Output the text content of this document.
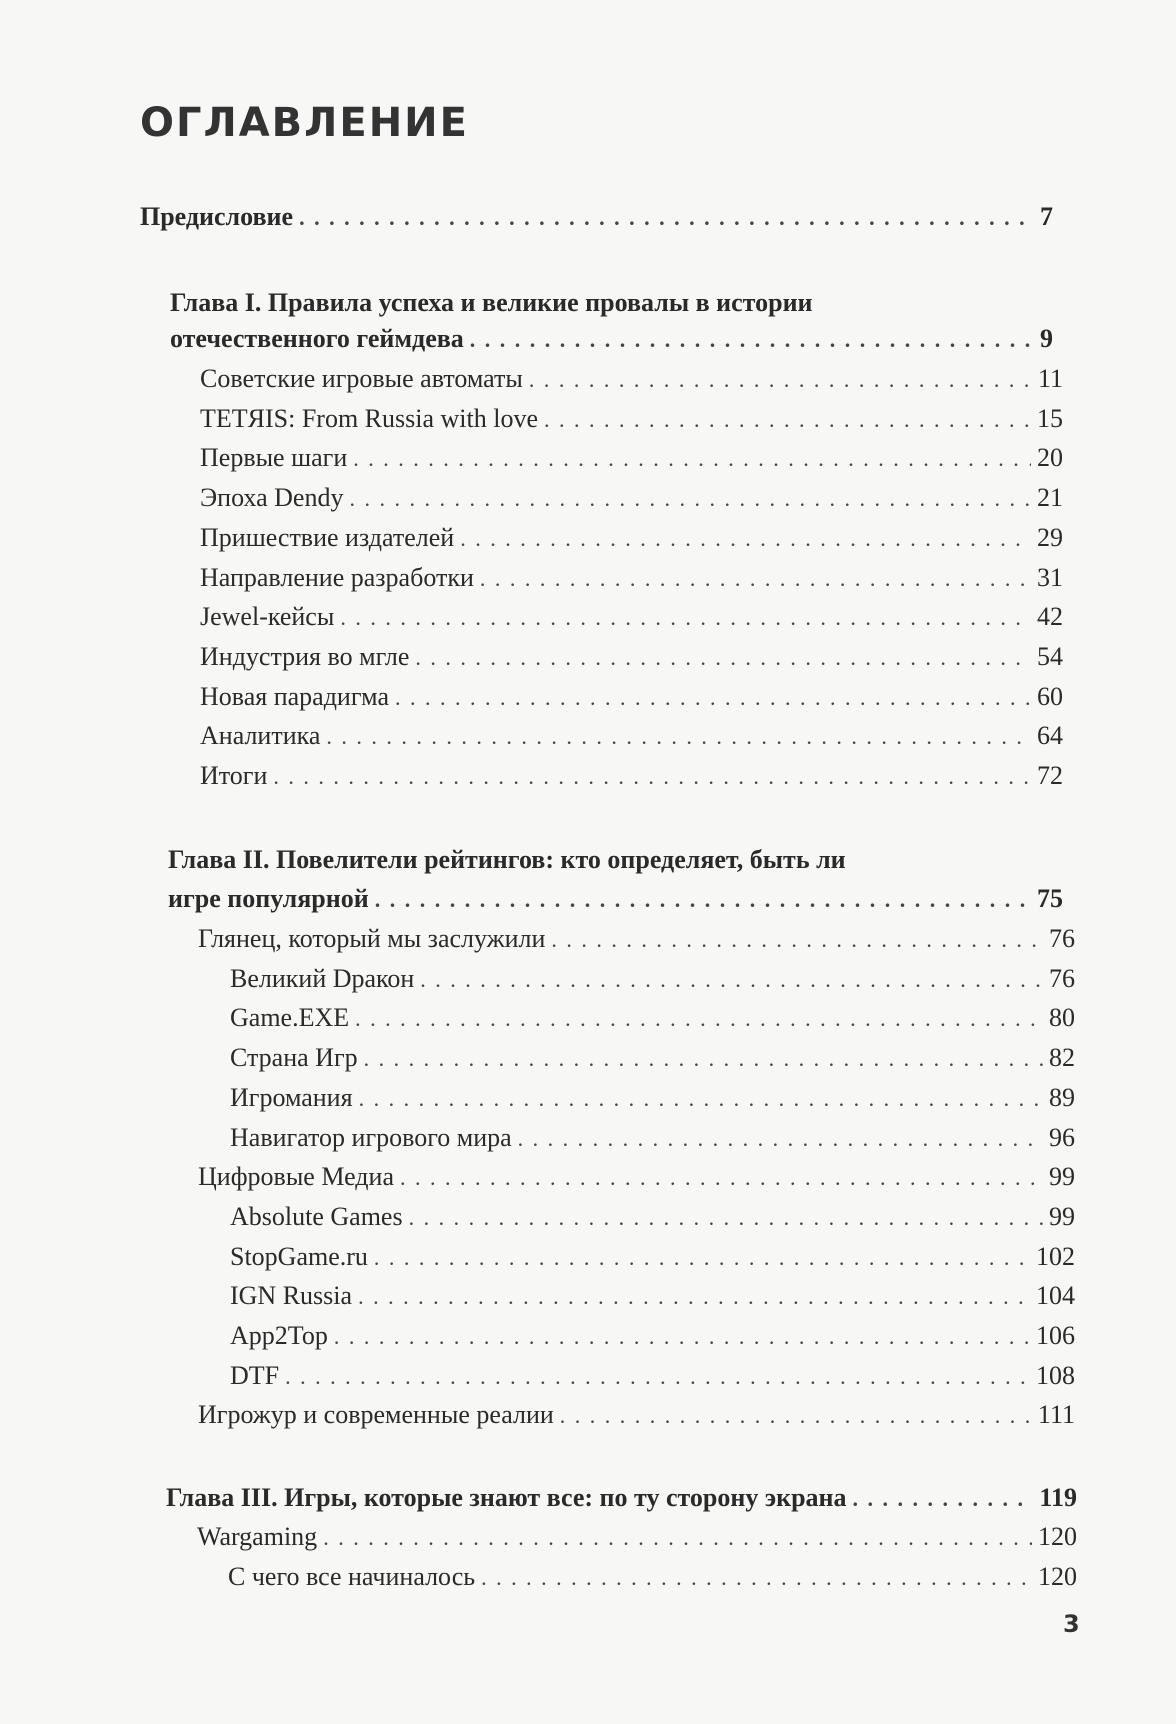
ОГЛАВЛЕНИЕ
Предисловие . . .	7
Глава I. Правила успеха и великие провалы в истории
отечественного геймдева . . .	9
Советские игровые автоматы . . .	11
TETЯIS: From Russia with love . . .	15
Первые шаги . . .	20
Эпоха Dendy . . .	21
Пришествие издателей . . .	29
Направление разработки . . .	31
Jewel-кейсы . . .	42
Индустрия во мгле . . .	54
Новая парадигма . . .	60
Аналитика . . .	64
Итоги . . .	72
Глава II. Повелители рейтингов: кто определяет, быть ли
игре популярной . . .	75
Глянец, который мы заслужили . . .	76
Великий Dракон . . .	76
Game.EXE . . .	80
Страна Игр . . .	82
Игромания . . .	89
Навигатор игрового мира . . .	96
Цифровые Медиа . . .	99
Absolute Games . . .	99
StopGame.ru . . .	102
IGN Russia . . .	104
App2Top . . .	106
DTF . . .	108
Игрожур и современные реалии . . .	111
Глава III. Игры, которые знают все: по ту сторону экрана . . .	119
Wargaming . . .	120
С чего все начиналось . . .	120
3
